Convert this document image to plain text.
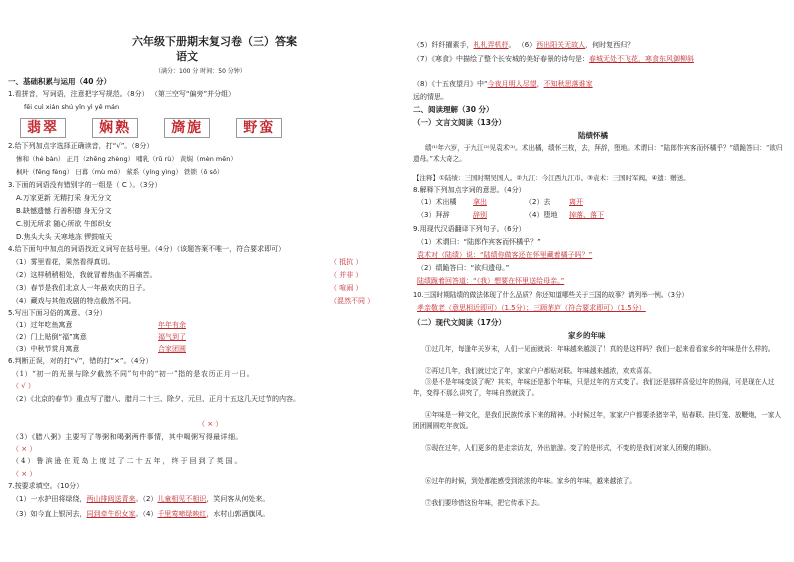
六年级下册期末复习卷（三）答案
语文
（满分：100 分 时间：50 分钟）
一、基础积累与运用（40 分）
1.看拼音，写词语，注意把字写规范。（8分） （第三空写“偏旁”并分组）
fěi cuì xián shú yǐn yì yě mán
翡翠	娴熟	旖旎	野蛮
2.给下列加点字选择正确读音，打“√”。（8分）
惨和（hé bàn） 正月（zhēng zhèng） 哺乳（rǔ rù） 黄焖（mèn mēn）
枫叶（fēng fèng） 日暮（mù mó） 萦系（yíng yìng） 铁锁（ǒ sǒ）
3.下面的词语没有错别字的一组是（ C ）。（3分）
A.万家更新 无精打采 身无分文
B.缺憾遗憾 行善积德 身无分文
C.别无所求 随心所欲 牛郎织女
D.焦头大头 天寒地冻 锣鼓喧天
4.给下面句中加点的词语找近义词写在括号里。（4分）（该题答案不唯一，符合要求即可）
（1）雾里看花，果然看得真切。	（ 抵抗 ）
（2）这样稍稍相处，我就冒着热血不再痛苦。	（ 并非 ）
（3）春节是我们北京人一年最欢庆的日子。	（ 喧闹 ）
（4）藏戏与其他戏剧的特点截然不同。	（混然不同 ）
5.写出下面习俗的寓意。（3分）
（1）过年吃鱼寓意	年年有余
（2）门上贴倒“福”寓意	福气到了
（3）中秋节赏月寓意	合家团圆
6.判断正误，对的打“√”，错的打“×”。（4分）
（1）“初一的光景与除夕截然不同”句中的“初一”指的是农历正月一日。
（ √ ）
（2）《北京的春节》重点写了腊八、腊月二十三、除夕、元旦、正月十五这几天过节的内容。
（ × ）
（3）《腊八粥》主要写了等粥和喝粥两件事情，其中喝粥写得最详细。
（ × ）
（4）鲁滨逊在荒岛上度过了二十五年，终于回到了英国。
（ × ）
7.按要求填空。（10分）
（1）一水护田将绿绕，两山排闼送青来。（2）儿童相见不相识，笑问客从何处来。
（3）如今直上银河去，同到牵牛织女家。（4）千里莺啼绿映红，水村山郭酒旗风。
（5）纤纤擢素手，札札弄机杼。 （6）西出阳关无故人，何时复西归？
（7）《寒食》中描绘了整个长安城的美好春景的诗句是：春城无处不飞花，寒食东风御柳斜
（8）《十五夜望月》中“今夜月明人尽望，不知秋思落谁家
远的情思。
二、阅读理解（30 分）
（一）文言文阅读（13分）
陆绩怀橘
绩⁽¹⁾年六岁，于九江⁽²⁾见袁术⁽³⁾。术出橘，绩怀三枚，去，拜辞，堕地。术谓曰：“陆郎作宾客而怀橘乎？”绩跪答曰：“欲归遗母。”术大奇之。
【注释】①陆绩：三国时期吴国人。②九江：今江西九江市。③袁术：三国时军阀。④遗：赠送。
8.解释下列加点字词的意思。（4分）
（1）术出橘 拿出	（2）去	离开
（3）拜辞	辞别	（4）堕地 掉落、落下
9.用现代汉语翻译下列句子。（6分）
（1）术谓曰：“陆郎作宾客而怀橘乎？”
袁术对（陆绩）说：“陆绩你做客还在怀里藏着橘子吗？”
（2）绩跪答曰：“欲归遗母。”
陆绩跪着回答道：“（我）想要在怀里送给母亲。”
10.三国时期陆绩的做法体现了什么品质？你还知道哪些关于三国的故事？请列举一例。（3分）
孝亲敬老（意思相近即可）（1.5分）；三顾茅庐（符合要求即可）（1.5分）
（二）现代文阅读（17分）
家乡的年味
①过几年，每逢年关岁末，人们一见面就说：年味越来越淡了！真的是这样吗？我们一起来看看家乡的年味是什么样的。
②再过几年，我们就过完了年，家家户户都贴对联。年味越来越浓，欢欢喜喜。
③是不是年味变淡了呢？其实，年味还是那个年味，只是过年的方式变了。我们还是那样喜爱过年的热闹，可是现在人过年，变得不那么讲究了，年味自然就淡了。
④年味是一种文化，是我们民族传承下来的精神。小时候过年，家家户户都要杀猪宰羊，贴春联、挂灯笼、放鞭炮，一家人团团圆圆吃年夜饭。
⑤现在过年，人们更多的是走亲访友，外出旅游。变了的是形式，不变的是我们对家人团聚的期盼。
⑥过年的时候，到处都能感受到浓浓的年味。家乡的年味，越来越浓了。
⑦我们要珍惜这份年味，把它传承下去。
